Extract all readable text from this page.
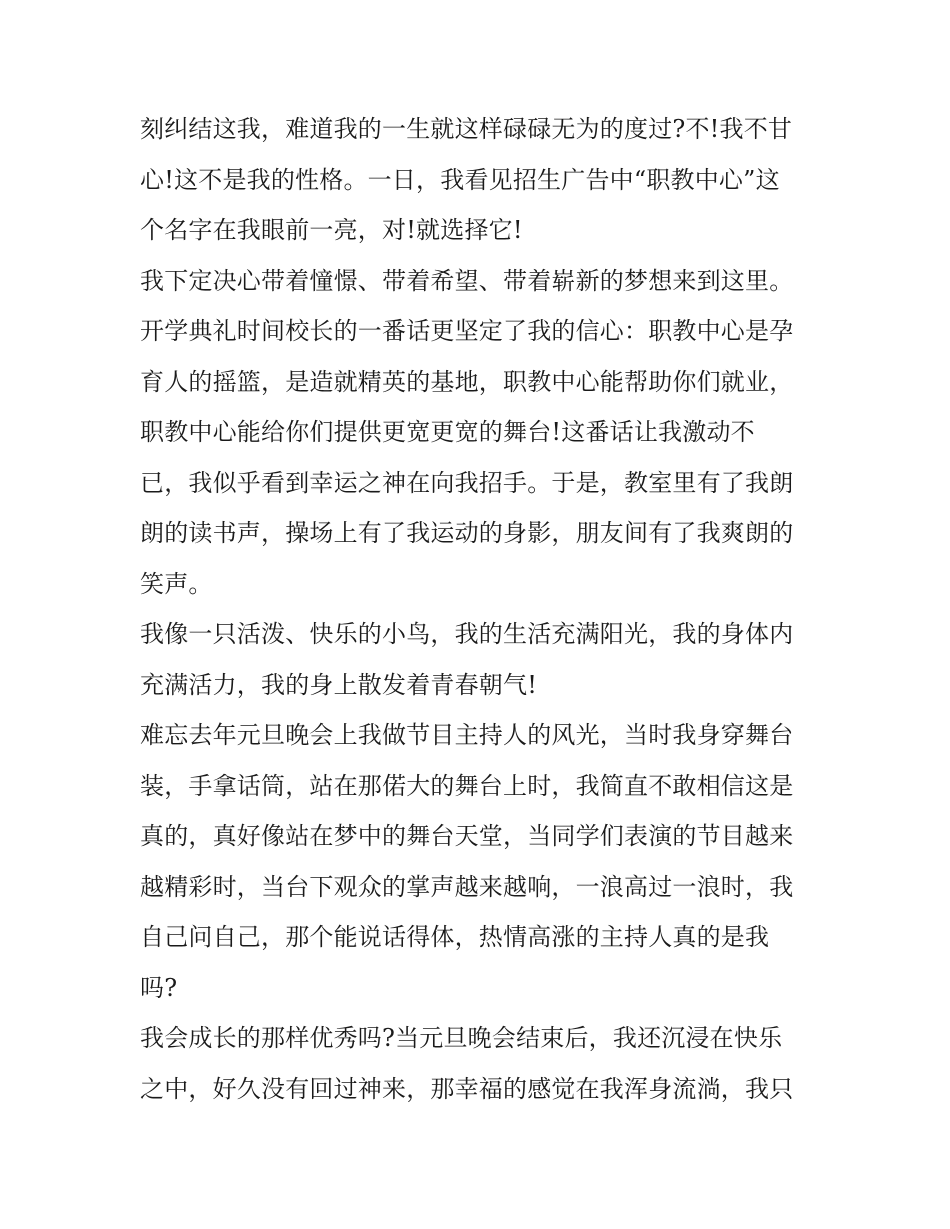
刻纠结这我，难道我的一生就这样碌碌无为的度过?不!我不甘
心!这不是我的性格。一日，我看见招生广告中“职教中心”这
个名字在我眼前一亮，对!就选择它!
我下定决心带着憧憬、带着希望、带着崭新的梦想来到这里。
开学典礼时间校长的一番话更坚定了我的信心：职教中心是孕
育人的摇篮，是造就精英的基地，职教中心能帮助你们就业，
职教中心能给你们提供更宽更宽的舞台!这番话让我激动不
已，我似乎看到幸运之神在向我招手。于是，教室里有了我朗
朗的读书声，操场上有了我运动的身影，朋友间有了我爽朗的
笑声。
我像一只活泼、快乐的小鸟，我的生活充满阳光，我的身体内
充满活力，我的身上散发着青春朝气!
难忘去年元旦晚会上我做节目主持人的风光，当时我身穿舞台
装，手拿话筒，站在那偌大的舞台上时，我简直不敢相信这是
真的，真好像站在梦中的舞台天堂，当同学们表演的节目越来
越精彩时，当台下观众的掌声越来越响，一浪高过一浪时，我
自己问自己，那个能说话得体，热情高涨的主持人真的是我
吗?
我会成长的那样优秀吗?当元旦晚会结束后，我还沉浸在快乐
之中，好久没有回过神来，那幸福的感觉在我浑身流淌，我只
